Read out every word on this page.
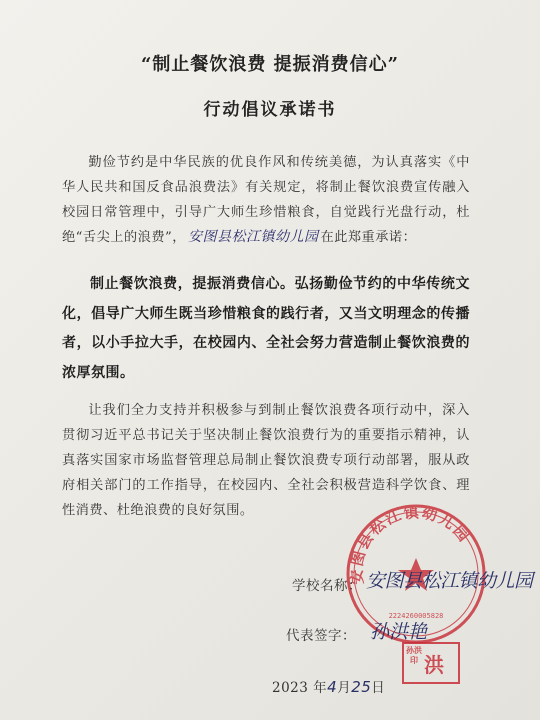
“制止餐饮浪费 提振消费信心”
行动倡议承诺书
勤俭节约是中华民族的优良作风和传统美德，为认真落实《中华人民共和国反食品浪费法》有关规定，将制止餐饮浪费宣传融入校园日常管理中，引导广大师生珍惜粮食，自觉践行光盘行动，杜绝“舌尖上的浪费”， 安图县松江镇幼儿园 在此郑重承诺：
制止餐饮浪费，提振消费信心。弘扬勤俭节约的中华传统文化，倡导广大师生既当珍惜粮食的践行者，又当文明理念的传播者，以小手拉大手，在校园内、全社会努力营造制止餐饮浪费的浓厚氛围。
让我们全力支持并积极参与到制止餐饮浪费各项行动中，深入贯彻习近平总书记关于坚决制止餐饮浪费行为的重要指示精神，认真落实国家市场监督管理总局制止餐饮浪费专项行动部署，服从政府相关部门的工作指导，在校园内、全社会积极营造科学饮食、理性消费、杜绝浪费的良好氛围。
安图县松江镇幼儿园
2224260005828
学校名称： 安图县松江镇幼儿园
代表签字： 孙洪艳
孙洪印 洪
2023 年4月25日
